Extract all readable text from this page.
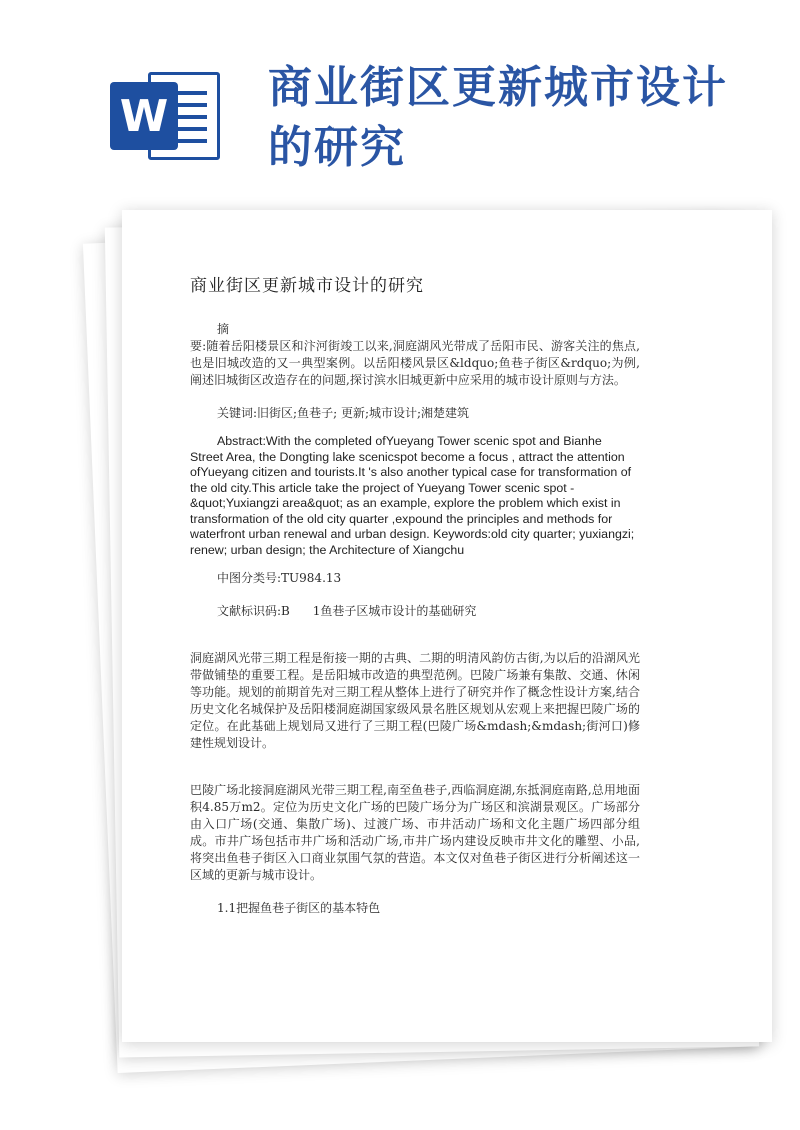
W
商业街区更新城市设计的研究
商业街区更新城市设计的研究
摘
要:随着岳阳楼景区和汴河街竣工以来,洞庭湖风光带成了岳阳市民、游客关注的焦点,也是旧城改造的又一典型案例。以岳阳楼风景区&ldquo;鱼巷子街区&rdquo;为例,阐述旧城街区改造存在的问题,探讨滨水旧城更新中应采用的城市设计原则与方法。
关键词:旧街区;鱼巷子; 更新;城市设计;湘楚建筑
Abstract:With the completed ofYueyang Tower scenic spot and Bianhe
Street Area, the Dongting lake scenicspot become a focus , attract the attention ofYueyang citizen and tourists.It 's also another typical case for transformation of the old city.This article take the project of Yueyang Tower scenic spot -&quot;Yuxiangzi area&quot; as an example, explore the problem which exist in transformation of the old city quarter ,expound the principles and methods for waterfront urban renewal and urban design. Keywords:old city quarter; yuxiangzi; renew; urban design; the Architecture of Xiangchu
中图分类号:TU984.13
文献标识码:B      1鱼巷子区城市设计的基础研究
洞庭湖风光带三期工程是衔接一期的古典、二期的明清风韵仿古街,为以后的沿湖风光带做铺垫的重要工程。是岳阳城市改造的典型范例。巴陵广场兼有集散、交通、休闲等功能。规划的前期首先对三期工程从整体上进行了研究并作了概念性设计方案,结合历史文化名城保护及岳阳楼洞庭湖国家级风景名胜区规划从宏观上来把握巴陵广场的定位。在此基础上规划局又进行了三期工程(巴陵广场&mdash;&mdash;街河口)修建性规划设计。
巴陵广场北接洞庭湖风光带三期工程,南至鱼巷子,西临洞庭湖,东抵洞庭南路,总用地面积4.85万m2。定位为历史文化广场的巴陵广场分为广场区和滨湖景观区。广场部分由入口广场(交通、集散广场)、过渡广场、市井活动广场和文化主题广场四部分组成。市井广场包括市井广场和活动广场,市井广场内建设反映市井文化的雕塑、小品,将突出鱼巷子街区入口商业氛围气氛的营造。本文仅对鱼巷子街区进行分析阐述这一区域的更新与城市设计。
1.1把握鱼巷子街区的基本特色
